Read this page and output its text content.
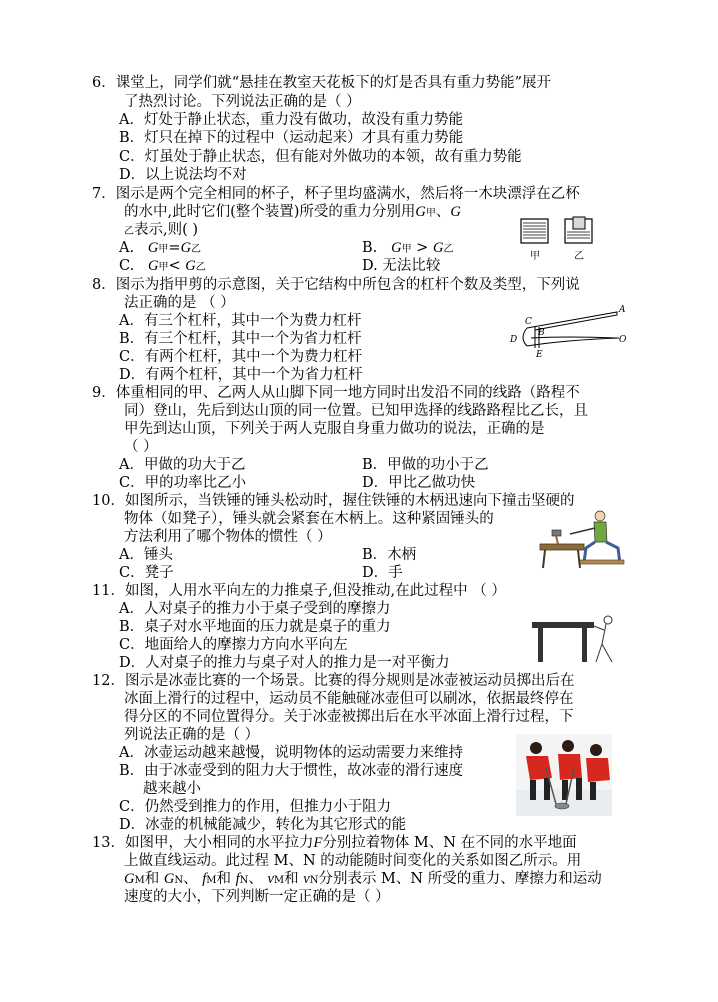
6．课堂上，同学们就“悬挂在教室天花板下的灯是否具有重力势能”展开
了热烈讨论。下列说法正确的是（ ）
A．灯处于静止状态，重力没有做功，故没有重力势能
B．灯只在掉下的过程中（运动起来）才具有重力势能
C．灯虽处于静止状态，但有能对外做功的本领，故有重力势能
D．以上说法均不对
7．图示是两个完全相同的杯子，杯子里均盛满水，然后将一木块漂浮在乙杯
的水中,此时它们(整个装置)所受的重力分别用G甲、G
乙表示,则( )
A. G甲=G乙	B. G甲 > G乙
C. G甲< G乙	D. 无法比较
甲	乙
8．图示为指甲剪的示意图，关于它结构中所包含的杠杆个数及类型，下列说
法正确的是 （ ）
A．有三个杠杆，其中一个为费力杠杆
B．有三个杠杆，其中一个为省力杠杆
C．有两个杠杆，其中一个为费力杠杆
D．有两个杠杆，其中一个为省力杠杆
A
C
B
D	O
E
9．体重相同的甲、乙两人从山脚下同一地方同时出发沿不同的线路（路程不
同）登山，先后到达山顶的同一位置。已知甲选择的线路路程比乙长，且
甲先到达山顶，下列关于两人克服自身重力做功的说法，正确的是
（ ）
A．甲做的功大于乙	B．甲做的功小于乙
C．甲的功率比乙小	D．甲比乙做功快
10．如图所示，当铁锤的锤头松动时，握住铁锤的木柄迅速向下撞击坚硬的
物体（如凳子），锤头就会紧套在木柄上。这种紧固锤头的
方法利用了哪个物体的惯性（ ）
A．锤头	B．木柄
C．凳子	D．手
11．如图，人用水平向左的力推桌子,但没推动,在此过程中 （ ）
A．人对桌子的推力小于桌子受到的摩擦力
B．桌子对水平地面的压力就是桌子的重力
C．地面给人的摩擦力方向水平向左
D．人对桌子的推力与桌子对人的推力是一对平衡力
12．图示是冰壶比赛的一个场景。比赛的得分规则是冰壶被运动员掷出后在
冰面上滑行的过程中，运动员不能触碰冰壶但可以刷冰，依据最终停在
得分区的不同位置得分。关于冰壶被掷出后在水平冰面上滑行过程，下
列说法正确的是（ ）
A．冰壶运动越来越慢，说明物体的运动需要力来维持
B．由于冰壶受到的阻力大于惯性，故冰壶的滑行速度
越来越小
C．仍然受到推力的作用，但推力小于阻力
D．冰壶的机械能减少，转化为其它形式的能
13．如图甲，大小相同的水平拉力F分别拉着物体 M、N 在不同的水平地面
上做直线运动。此过程 M、N 的动能随时间变化的关系如图乙所示。用
GM和 GN、 fM和 fN、 vM和 vN分别表示 M、N 所受的重力、摩擦力和运动
速度的大小，下列判断一定正确的是（ ）
